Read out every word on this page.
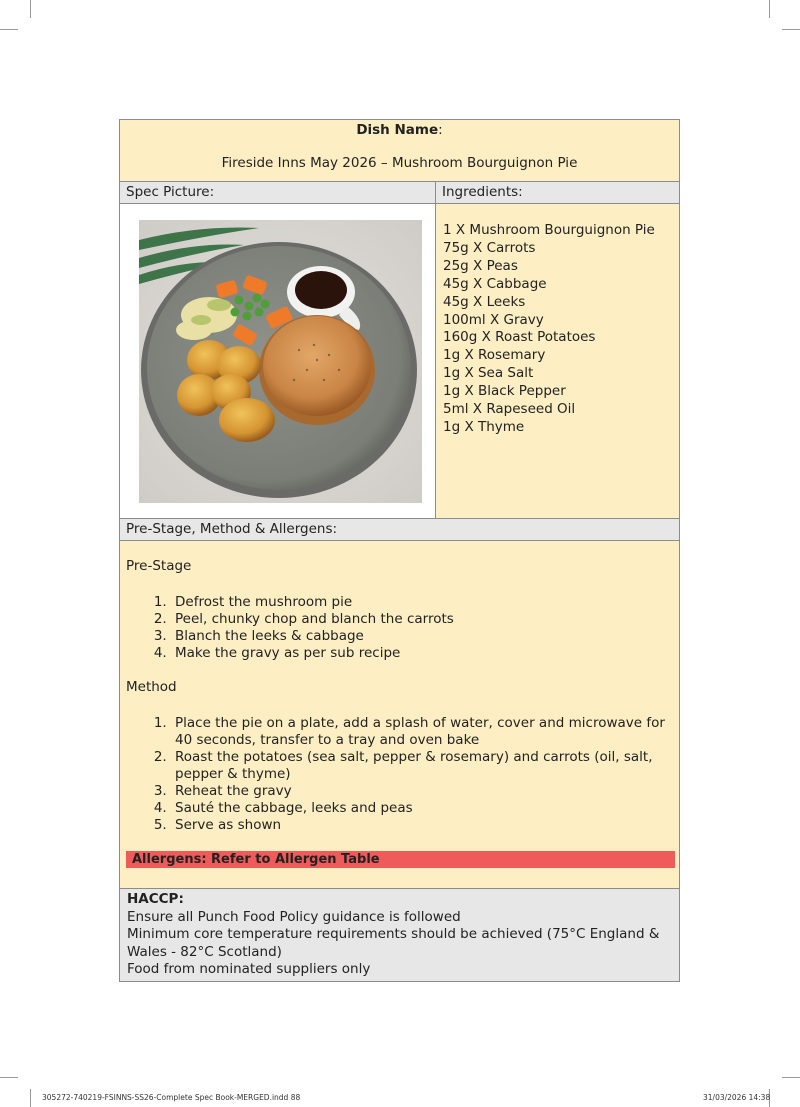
Dish Name:
Fireside Inns May 2026 – Mushroom Bourguignon Pie
Spec Picture:	Ingredients:
1 X Mushroom Bourguignon Pie
75g X Carrots
25g X Peas
45g X Cabbage
45g X Leeks
100ml X Gravy
160g X Roast Potatoes
1g X Rosemary
1g X Sea Salt
1g X Black Pepper
5ml X Rapeseed Oil
1g X Thyme
Pre-Stage, Method & Allergens:
Pre-Stage
1. Defrost the mushroom pie
2. Peel, chunky chop and blanch the carrots
3. Blanch the leeks & cabbage
4. Make the gravy as per sub recipe
Method
1. Place the pie on a plate, add a splash of water, cover and microwave for 40 seconds, transfer to a tray and oven bake
2. Roast the potatoes (sea salt, pepper & rosemary) and carrots (oil, salt, pepper & thyme)
3. Reheat the gravy
4. Sauté the cabbage, leeks and peas
5. Serve as shown
Allergens: Refer to Allergen Table
HACCP:
Ensure all Punch Food Policy guidance is followed
Minimum core temperature requirements should be achieved (75°C England & Wales - 82°C Scotland)
Food from nominated suppliers only
305272-740219-FSINNS-SS26-Complete Spec Book-MERGED.indd 88	31/03/2026 14:38
